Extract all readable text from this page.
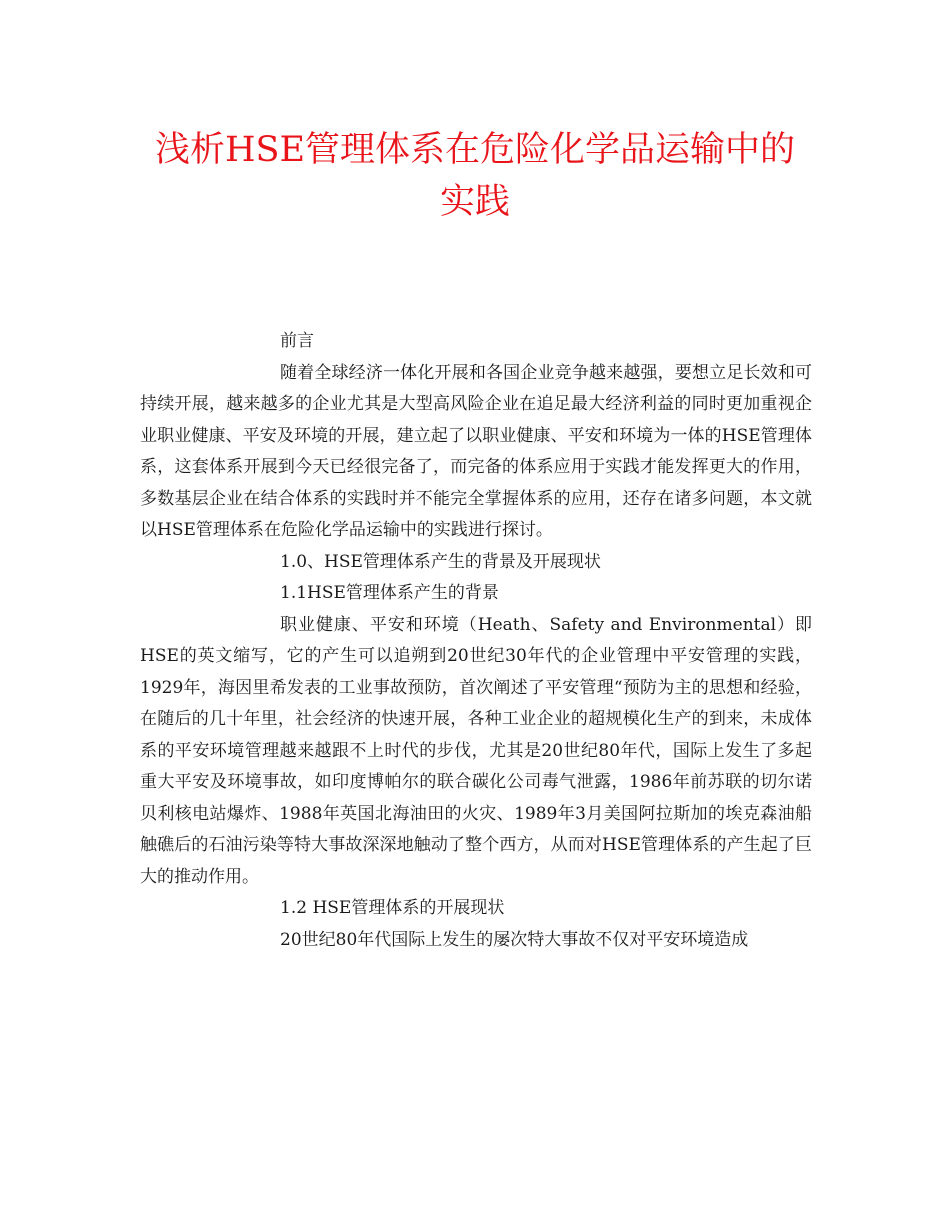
浅析HSE管理体系在危险化学品运输中的实践

前言

随着全球经济一体化开展和各国企业竞争越来越强，要想立足长效和可持续开展，越来越多的企业尤其是大型高风险企业在追足最大经济利益的同时更加重视企业职业健康、平安及环境的开展，建立起了以职业健康、平安和环境为一体的HSE管理体系，这套体系开展到今天已经很完备了，而完备的体系应用于实践才能发挥更大的作用，多数基层企业在结合体系的实践时并不能完全掌握体系的应用，还存在诸多问题，本文就以HSE管理体系在危险化学品运输中的实践进行探讨。

1.0、HSE管理体系产生的背景及开展现状

1.1HSE管理体系产生的背景

职业健康、平安和环境（Heath、Safety and Environmental）即HSE的英文缩写，它的产生可以追朔到20世纪30年代的企业管理中平安管理的实践，1929年，海因里希发表的工业事故预防，首次阐述了平安管理“预防为主的思想和经验，在随后的几十年里，社会经济的快速开展，各种工业企业的超规模化生产的到来，未成体系的平安环境管理越来越跟不上时代的步伐，尤其是20世纪80年代，国际上发生了多起重大平安及环境事故，如印度博帕尔的联合碳化公司毒气泄露，1986年前苏联的切尔诺贝利核电站爆炸、1988年英国北海油田的火灾、1989年3月美国阿拉斯加的埃克森油船触礁后的石油污染等特大事故深深地触动了整个西方，从而对HSE管理体系的产生起了巨大的推动作用。

1.2 HSE管理体系的开展现状

20世纪80年代国际上发生的屡次特大事故不仅对平安环境造成
